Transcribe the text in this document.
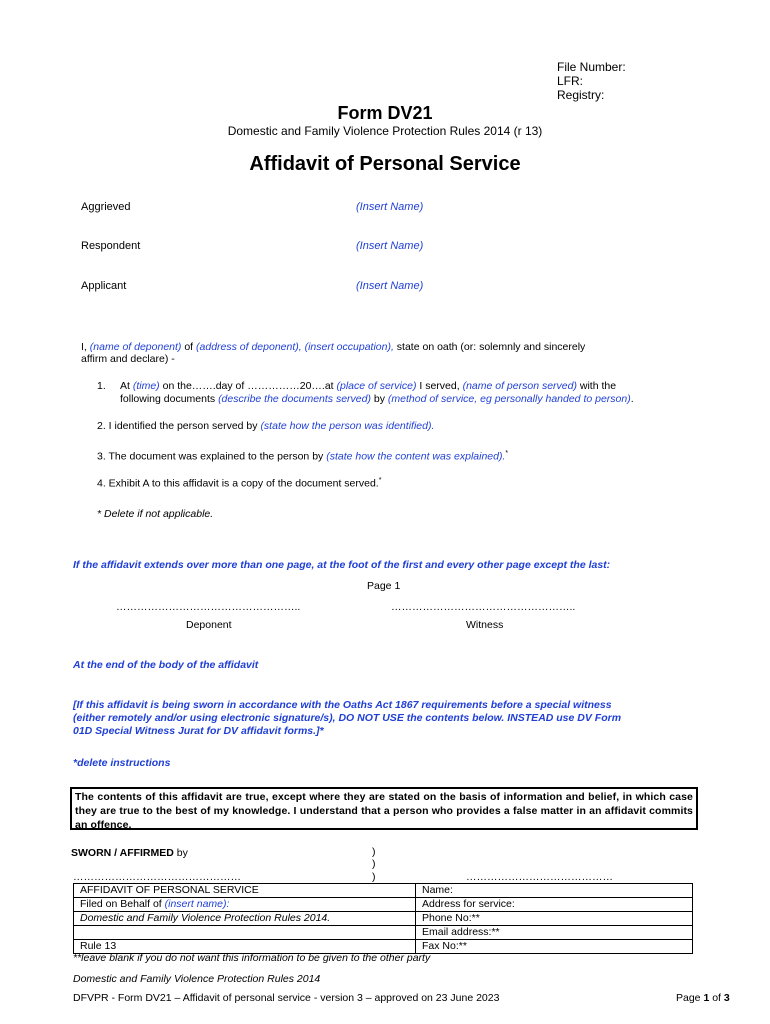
File Number:
LFR:
Registry:
Form DV21
Domestic and Family Violence Protection Rules 2014 (r 13)
Affidavit of Personal Service
Aggrieved	(Insert Name)
Respondent	(Insert Name)
Applicant	(Insert Name)
I, (name of deponent) of (address of deponent), (insert occupation), state on oath (or: solemnly and sincerely
affirm and declare) -
1. At (time) on the…….day of ……………20….at (place of service) I served, (name of person served) with the
following documents (describe the documents served) by (method of service, eg personally handed to person).
2. I identified the person served by (state how the person was identified).
3. The document was explained to the person by (state how the content was explained).*
4. Exhibit A to this affidavit is a copy of the document served.*
* Delete if not applicable.
If the affidavit extends over more than one page, at the foot of the first and every other page except the last:
Page 1
……………………………………………..	……………………………………………..
Deponent	Witness
At the end of the body of the affidavit
[If this affidavit is being sworn in accordance with the Oaths Act 1867 requirements before a special witness
(either remotely and/or using electronic signature/s), DO NOT USE the contents below. INSTEAD use DV Form
01D Special Witness Jurat for DV affidavit forms.]*
*delete instructions
The contents of this affidavit are true, except where they are stated on the basis of information and belief, in which case they are true to the best of my knowledge. I understand that a person who provides a false matter in an affidavit commits an offence.
SWORN / AFFIRMED by	)
)
)
…………………………………………	……………………………………
AFFIDAVIT OF PERSONAL SERVICE	Name:
Filed on Behalf of (insert name):	Address for service:
Domestic and Family Violence Protection Rules 2014.	Phone No:**
	Email address:**
Rule 13	Fax No:**
**leave blank if you do not want this information to be given to the other party
Domestic and Family Violence Protection Rules 2014
DFVPR - Form DV21 – Affidavit of personal service - version 3 – approved on 23 June 2023	Page 1 of 3
